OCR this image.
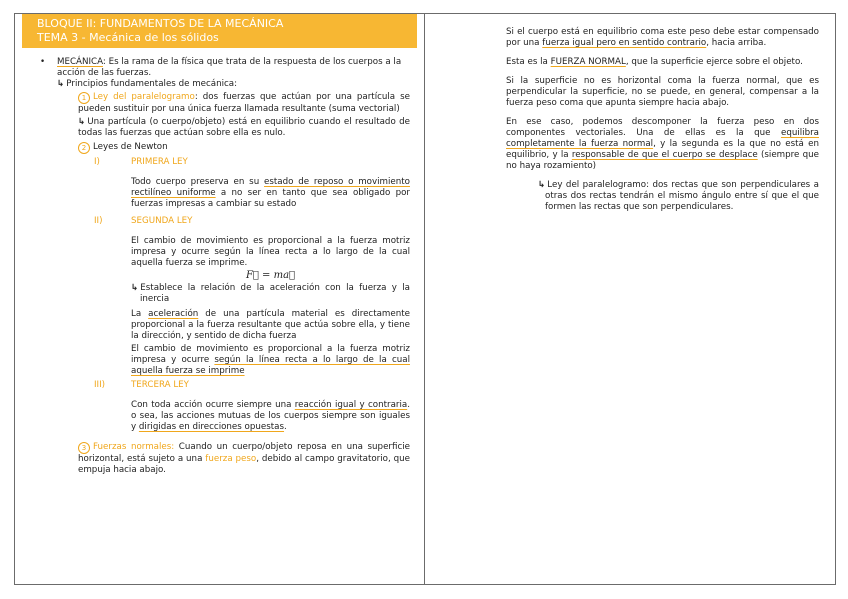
BLOQUE II: FUNDAMENTOS DE LA MECÁNICA
TEMA 3 - Mecánica de los sólidos
• MECÁNICA: Es la rama de la física que trata de la respuesta de los cuerpos a la acción de las fuerzas.

↳ Principios fundamentales de mecánica:

1 Ley del paralelogramo: dos fuerzas que actúan por una partícula se pueden sustituir por una única fuerza llamada resultante (suma vectorial)

↳ Una partícula (o cuerpo/objeto) está en equilibrio cuando el resultado de todas las fuerzas que actúan sobre ella es nulo.

2 Leyes de Newton

I)	PRIMERA LEY

Todo cuerpo preserva en su estado de reposo o movimiento rectilíneo uniforme a no ser en tanto que sea obligado por fuerzas impresas a cambiar su estado

II)	SEGUNDA LEY

El cambio de movimiento es proporcional a la fuerza motriz impresa y ocurre según la línea recta a lo largo de la cual aquella fuerza se imprime.

F⃗ = ma⃗

↳ Establece la relación de la aceleración con la fuerza y la inercia

La aceleración de una partícula material es directamente proporcional a la fuerza resultante que actúa sobre ella, y tiene la dirección, y sentido de dicha fuerza

El cambio de movimiento es proporcional a la fuerza motriz impresa y ocurre según la línea recta a lo largo de la cual aquella fuerza se imprime

III)	TERCERA LEY

Con toda acción ocurre siempre una reacción igual y contraria. o sea, las acciones mutuas de los cuerpos siempre son iguales y dirigidas en direcciones opuestas.

3 Fuerzas normales: Cuando un cuerpo/objeto reposa en una superficie horizontal, está sujeto a una fuerza peso, debido al campo gravitatorio, que empuja hacia abajo.

Si el cuerpo está en equilibrio coma este peso debe estar compensado por una fuerza igual pero en sentido contrario, hacia arriba.

Esta es la FUERZA NORMAL, que la superficie ejerce sobre el objeto.

Si la superficie no es horizontal coma la fuerza normal, que es perpendicular la superficie, no se puede, en general, compensar a la fuerza peso coma que apunta siempre hacia abajo.

En ese caso, podemos descomponer la fuerza peso en dos componentes vectoriales. Una de ellas es la que equilibra completamente la fuerza normal, y la segunda es la que no está en equilibrio, y la responsable de que el cuerpo se desplace (siempre que no haya rozamiento)

↳ Ley del paralelogramo: dos rectas que son perpendiculares a otras dos rectas tendrán el mismo ángulo entre sí que el que formen las rectas que son perpendiculares.
